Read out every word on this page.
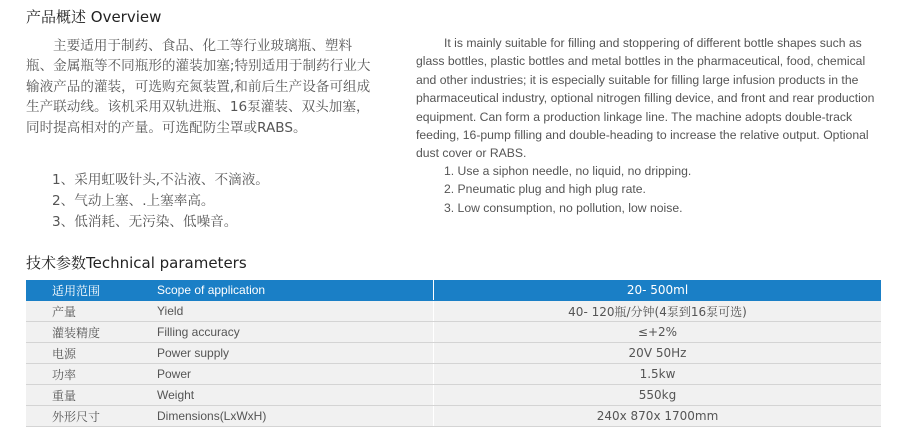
产品概述 Overview
主要适用于制药、食品、化工等行业玻璃瓶、塑料瓶、金属瓶等不同瓶形的灌装加塞;特别适用于制药行业大输液产品的灌装，可选购充氮装置,和前后生产设备可组成生产联动线。该机采用双轨进瓶、16泵灌装、双头加塞，同时提高相对的产量。可选配防尘罩或RABS。
1、采用虹吸针头,不沾液、不滴液。
2、气动上塞、.上塞率高。
3、低消耗、无污染、低噪音。
It is mainly suitable for filling and stoppering of different bottle shapes such as glass bottles, plastic bottles and metal bottles in the pharmaceutical, food, chemical and other industries; it is especially suitable for filling large infusion products in the pharmaceutical industry, optional nitrogen filling device, and front and rear production equipment. Can form a production linkage line. The machine adopts double-track feeding, 16-pump filling and double-heading to increase the relative output. Optional dust cover or RABS.
1. Use a siphon needle, no liquid, no dripping.
2. Pneumatic plug and high plug rate.
3. Low consumption, no pollution, low noise.
技术参数Technical parameters
适用范围	Scope of application	20- 500ml
产量	Yield	40- 120瓶/分钟(4泵到16泵可选)
灌装精度	Filling accuracy	≤+2%
电源	Power supply	20V 50Hz
功率	Power	1.5kw
重量	Weight	550kg
外形尺寸	Dimensions(LxWxH)	240x 870x 1700mm
